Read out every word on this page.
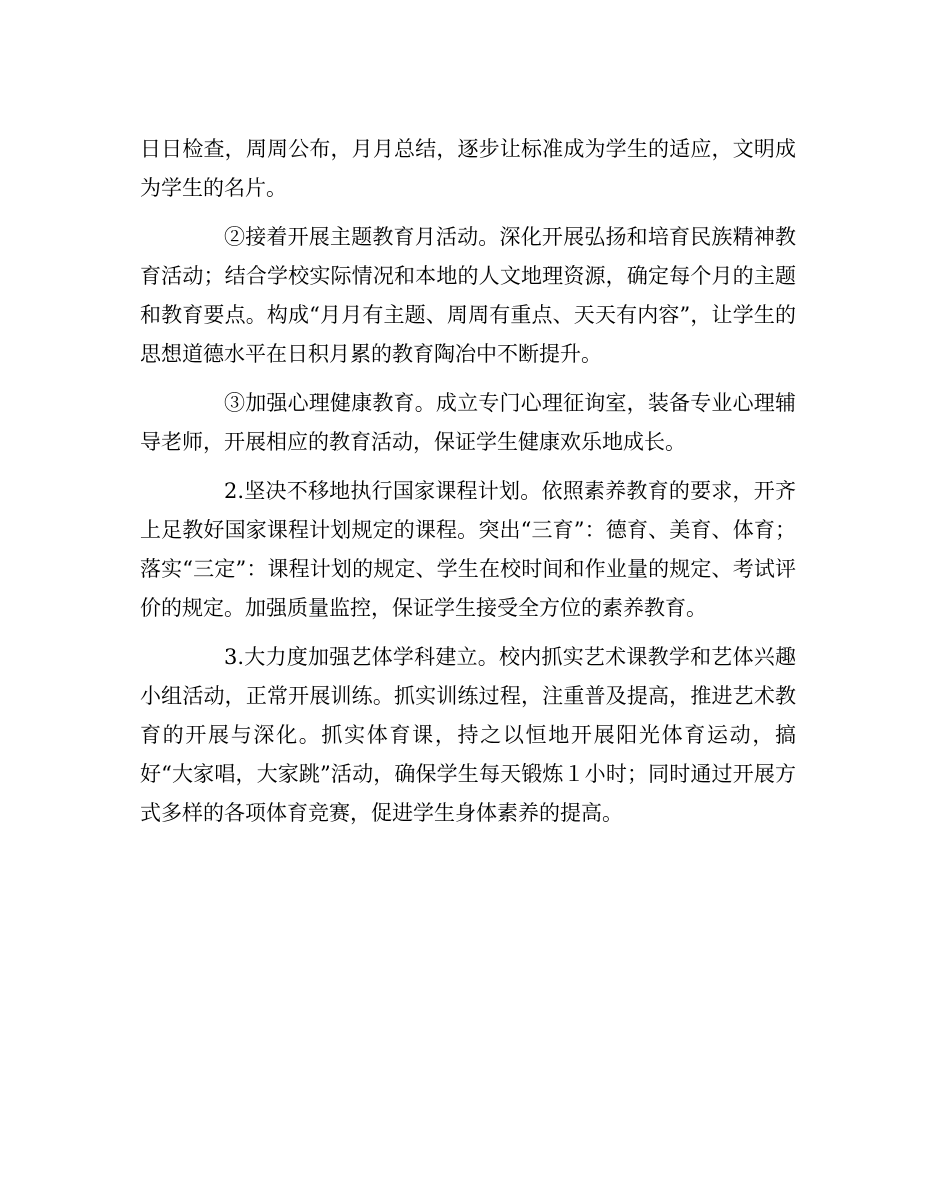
日日检查，周周公布，月月总结，逐步让标准成为学生的适应，文明成为学生的名片。

②接着开展主题教育月活动。深化开展弘扬和培育民族精神教育活动；结合学校实际情况和本地的人文地理资源，确定每个月的主题和教育要点。构成“月月有主题、周周有重点、天天有内容”，让学生的思想道德水平在日积月累的教育陶冶中不断提升。

③加强心理健康教育。成立专门心理征询室，装备专业心理辅导老师，开展相应的教育活动，保证学生健康欢乐地成长。

2.坚决不移地执行国家课程计划。依照素养教育的要求，开齐上足教好国家课程计划规定的课程。突出“三育”：德育、美育、体育；落实“三定”：课程计划的规定、学生在校时间和作业量的规定、考试评价的规定。加强质量监控，保证学生接受全方位的素养教育。

3.大力度加强艺体学科建立。校内抓实艺术课教学和艺体兴趣小组活动，正常开展训练。抓实训练过程，注重普及提高，推进艺术教育的开展与深化。抓实体育课，持之以恒地开展阳光体育运动，搞好“大家唱，大家跳”活动，确保学生每天锻炼１小时；同时通过开展方式多样的各项体育竞赛，促进学生身体素养的提高。
